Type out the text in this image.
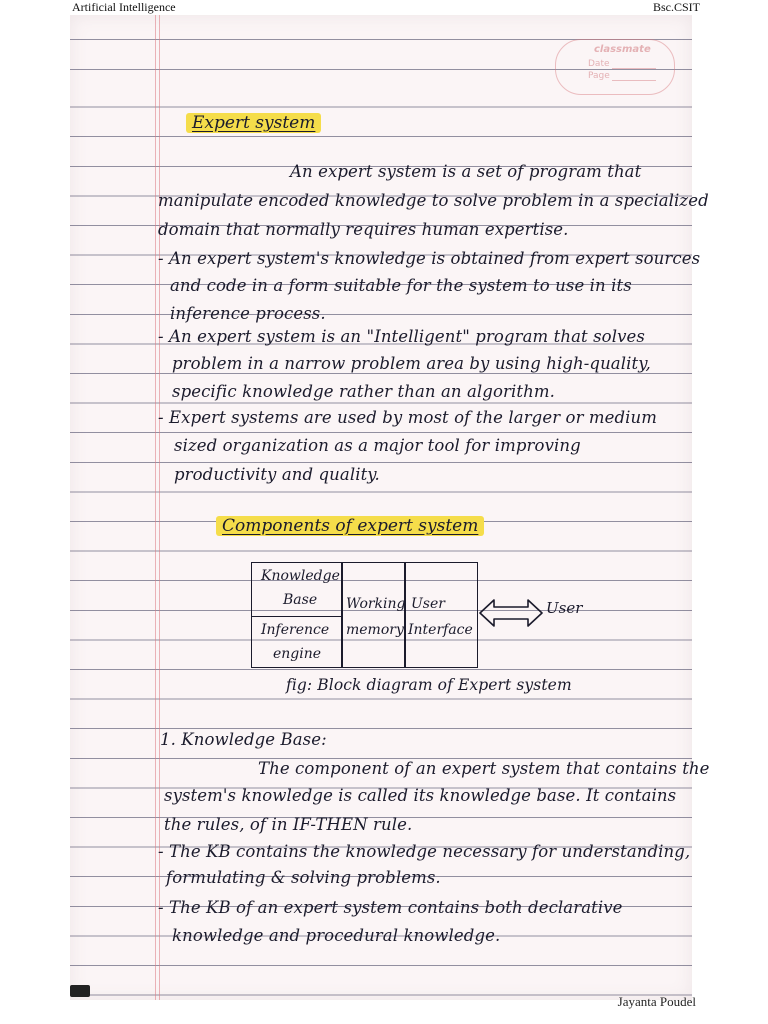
Artificial Intelligence	Bsc.CSIT
classmate
Date
Page
Expert system
An expert system is a set of program that
manipulate encoded knowledge to solve problem in a specialized
domain that normally requires human expertise.
- An expert system's knowledge is obtained from expert sources
and code in a form suitable for the system to use in its
inference process.
- An expert system is an "Intelligent" program that solves
problem in a narrow problem area by using high-quality,
specific knowledge rather than an algorithm.
- Expert systems are used by most of the larger or medium
sized organization as a major tool for improving
productivity and quality.
Components of expert system
Knowledge
Base
Inference
engine
Working
memory
User
Interface
User
fig: Block diagram of Expert system
1. Knowledge Base:
The component of an expert system that contains the
system's knowledge is called its knowledge base. It contains
the rules, of in IF-THEN rule.
- The KB contains the knowledge necessary for understanding,
formulating & solving problems.
- The KB of an expert system contains both declarative
knowledge and procedural knowledge.
Jayanta Poudel
